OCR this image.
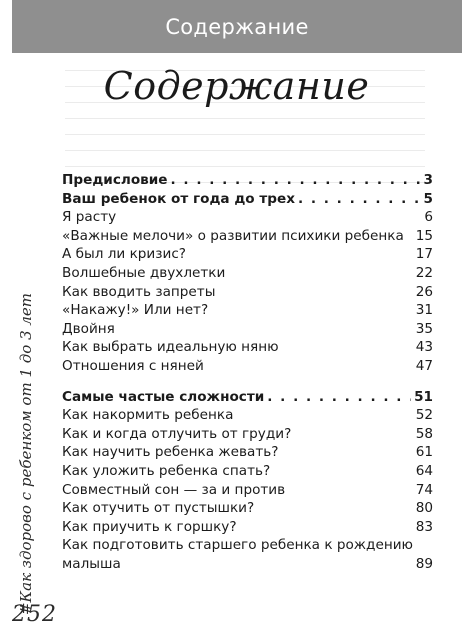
Содержание
Содержание
#Как здорово с ребенком от 1 до 3 лет
Предисловие . . .	3
Ваш ребенок от года до трех . . .	5
Я расту	6
«Важные мелочи» о развитии психики ребенка 15
А был ли кризис?	17
Волшебные двухлетки	22
Как вводить запреты	26
«Накажу!» Или нет?	31
Двойня	35
Как выбрать идеальную няню	43
Отношения с няней	47
Самые частые сложности . . .	51
Как накормить ребенка	52
Как и когда отлучить от груди?	58
Как научить ребенка жевать?	61
Как уложить ребенка спать?	64
Совместный сон — за и против	74
Как отучить от пустышки?	80
Как приучить к горшку?	83
Как подготовить старшего ребенка к рождению
малыша	89
252
